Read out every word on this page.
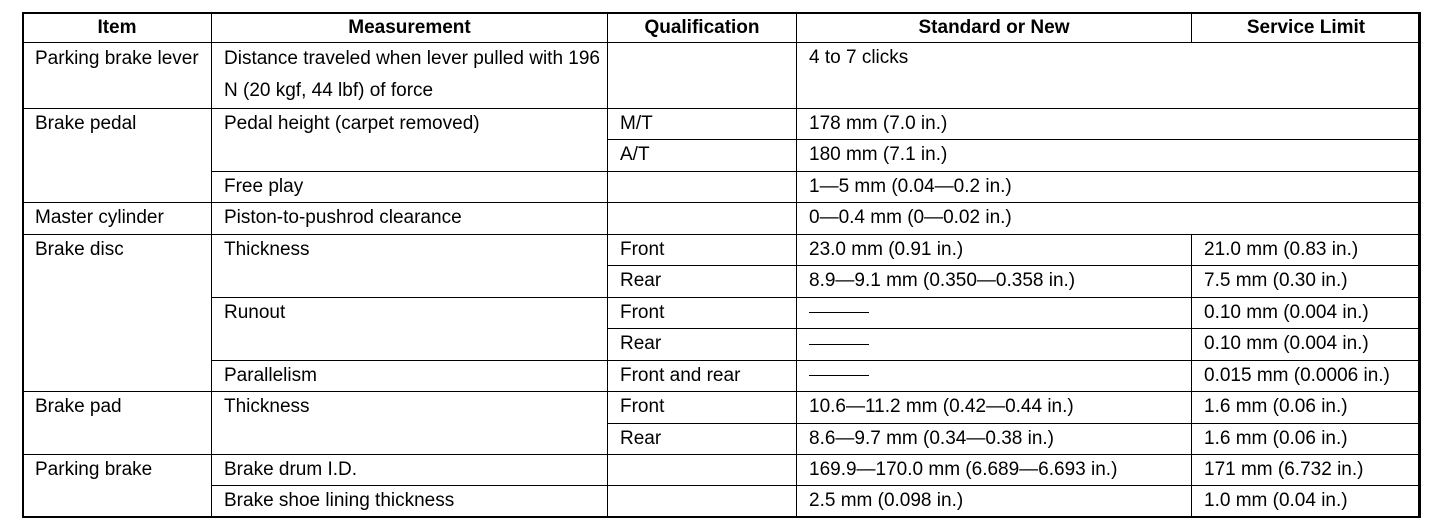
Item	Measurement	Qualification	Standard or New	Service Limit
Parking brake lever	Distance traveled when lever pulled with 196 N (20 kgf, 44 lbf) of force		4 to 7 clicks	
Brake pedal	Pedal height (carpet removed)	M/T	178 mm (7.0 in.)	
		A/T	180 mm (7.1 in.)	
	Free play		1—5 mm (0.04—0.2 in.)	
Master cylinder	Piston-to-pushrod clearance		0—0.4 mm (0—0.02 in.)	
Brake disc	Thickness	Front	23.0 mm (0.91 in.)	21.0 mm (0.83 in.)
		Rear	8.9—9.1 mm (0.350—0.358 in.)	7.5 mm (0.30 in.)
	Runout	Front		0.10 mm (0.004 in.)
		Rear		0.10 mm (0.004 in.)
	Parallelism	Front and rear		0.015 mm (0.0006 in.)
Brake pad	Thickness	Front	10.6—11.2 mm (0.42—0.44 in.)	1.6 mm (0.06 in.)
		Rear	8.6—9.7 mm (0.34—0.38 in.)	1.6 mm (0.06 in.)
Parking brake	Brake drum I.D.		169.9—170.0 mm (6.689—6.693 in.)	171 mm (6.732 in.)
	Brake shoe lining thickness		2.5 mm (0.098 in.)	1.0 mm (0.04 in.)
